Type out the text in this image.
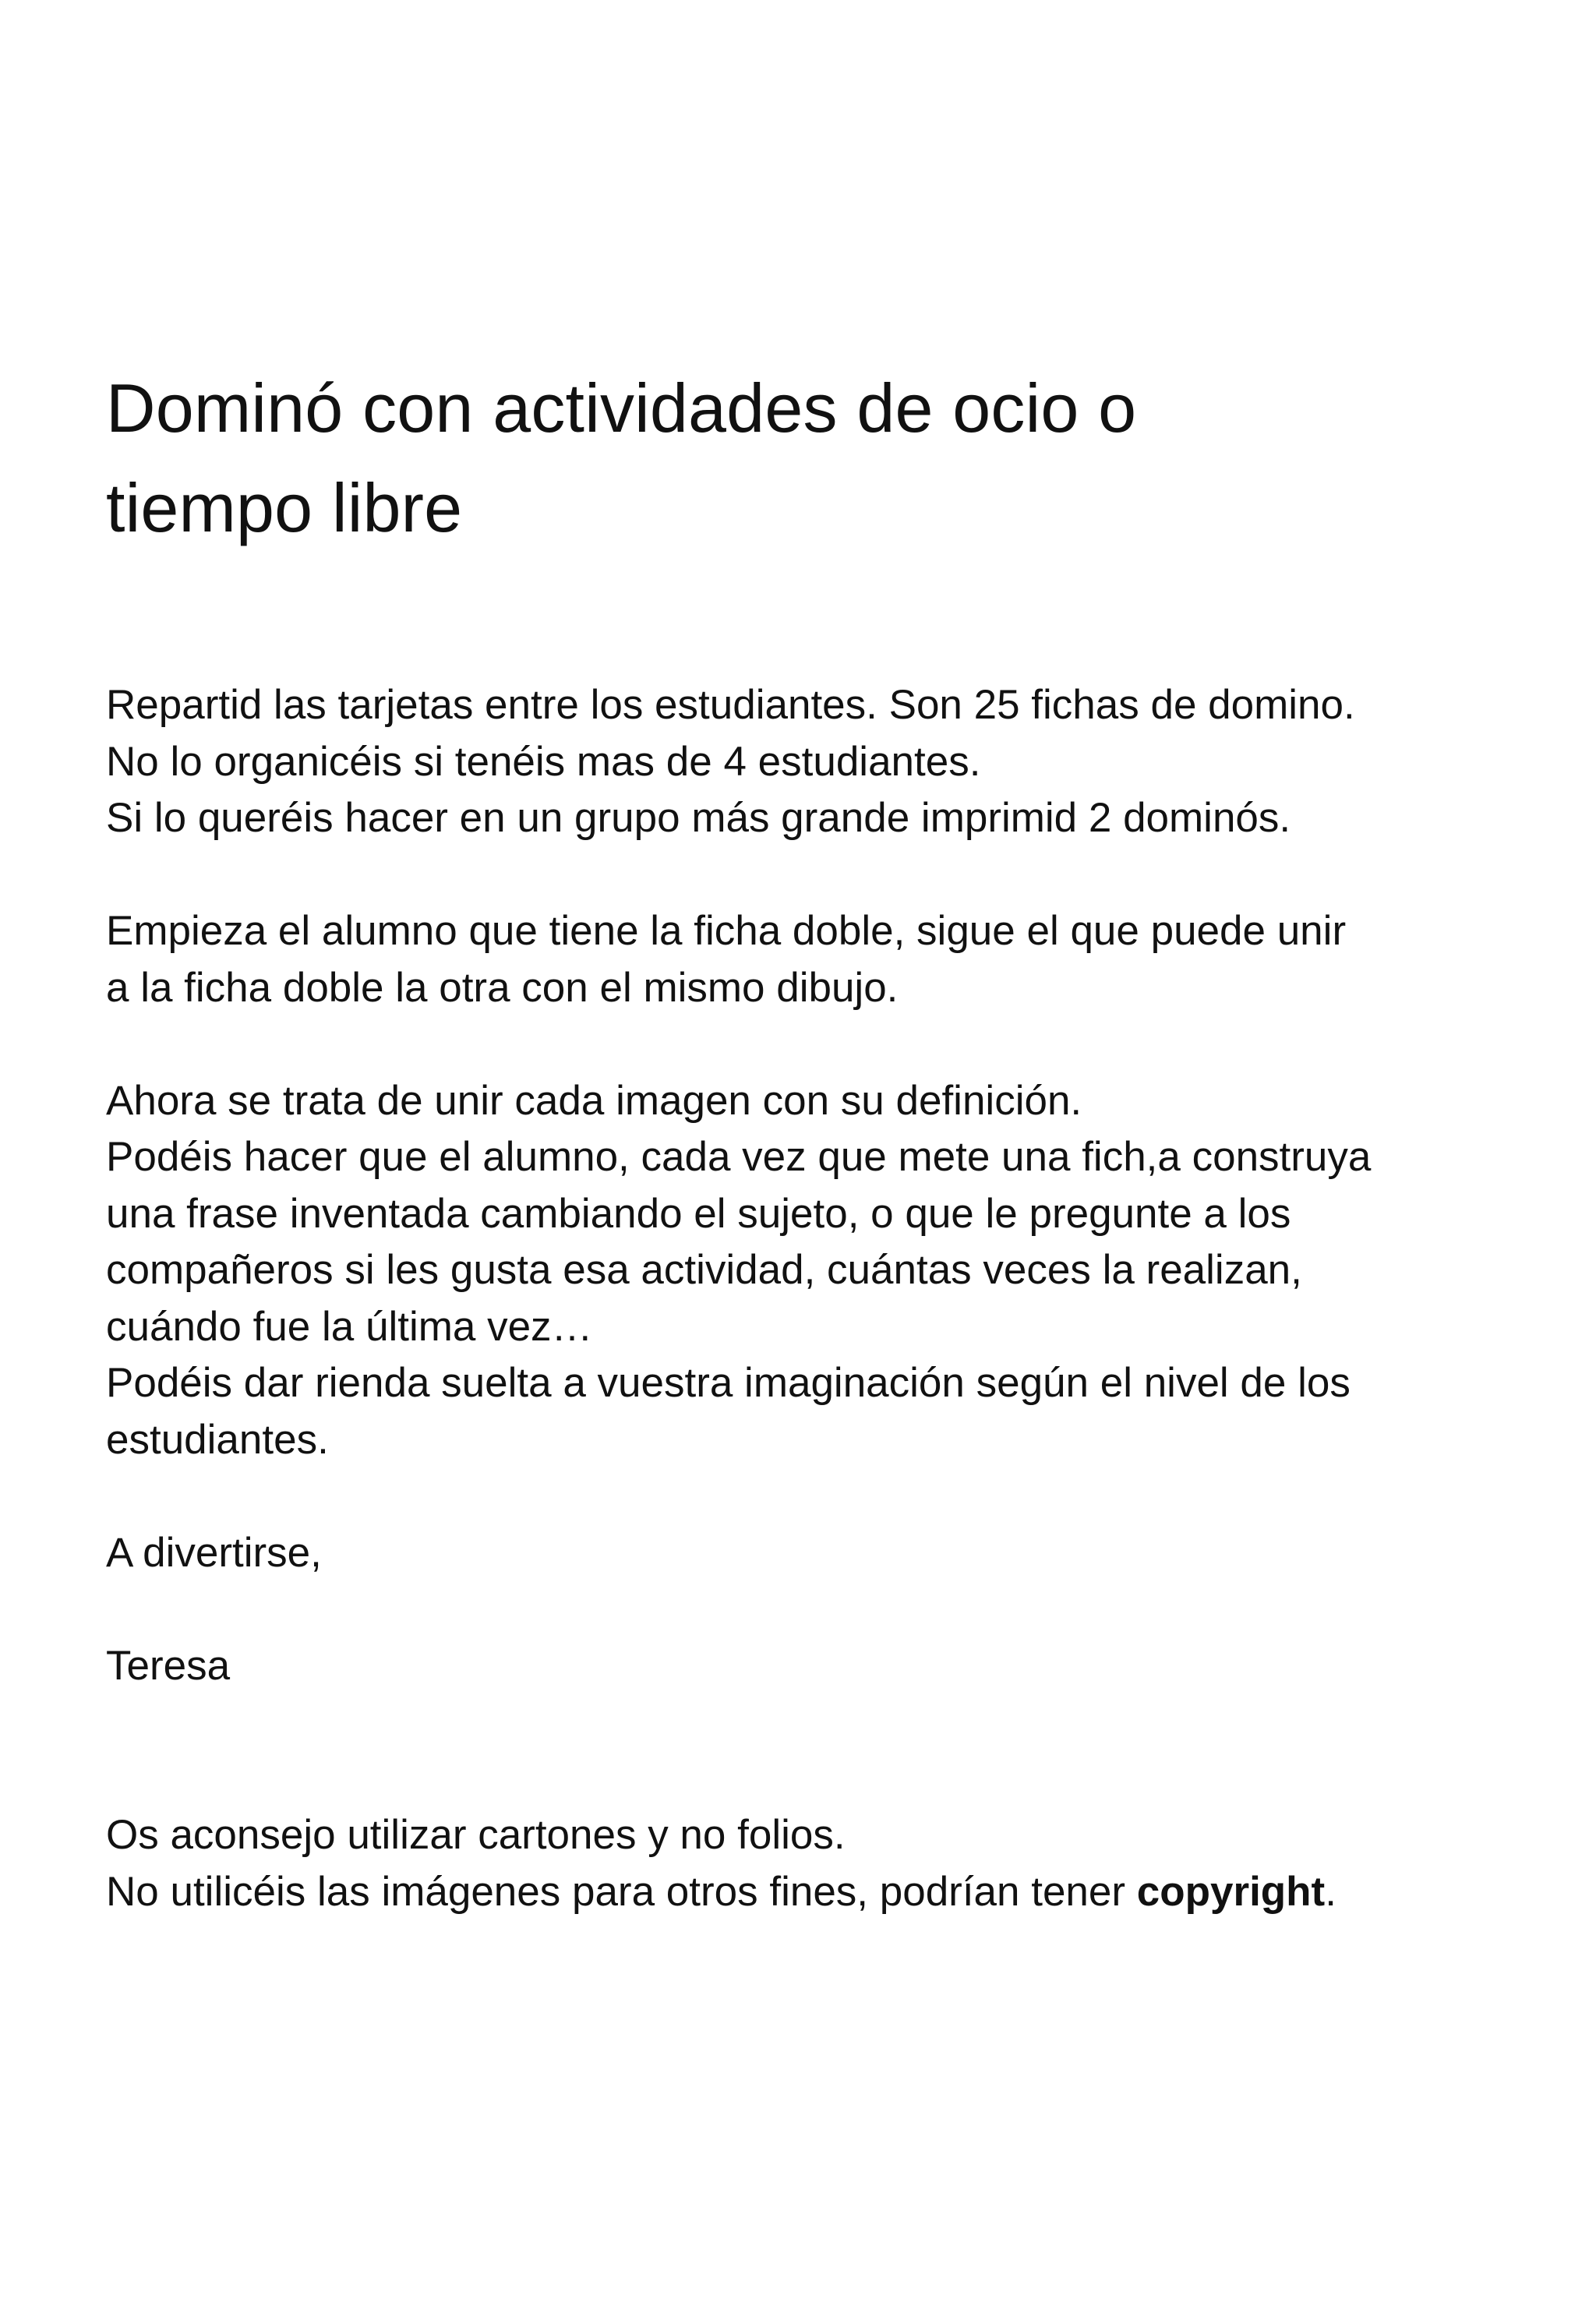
Dominó con actividades de ocio o
tiempo libre

Repartid las tarjetas entre los estudiantes. Son 25 fichas de domino.
No lo organicéis si tenéis mas de 4 estudiantes.
Si lo queréis hacer en un grupo más grande imprimid 2 dominós.

Empieza el alumno que tiene la ficha doble, sigue el que puede unir
a la ficha doble la otra con el mismo dibujo.

Ahora se trata de unir cada imagen con su definición.
Podéis hacer que el alumno, cada vez que mete una fich,a construya
una frase inventada cambiando el sujeto, o que le pregunte a los
compañeros si les gusta esa actividad, cuántas veces la realizan,
cuándo fue la última vez…
Podéis dar rienda suelta a vuestra imaginación según el nivel de los
estudiantes.

A divertirse,

Teresa

Os aconsejo utilizar cartones y no folios.
No utilicéis las imágenes para otros fines, podrían tener copyright.
